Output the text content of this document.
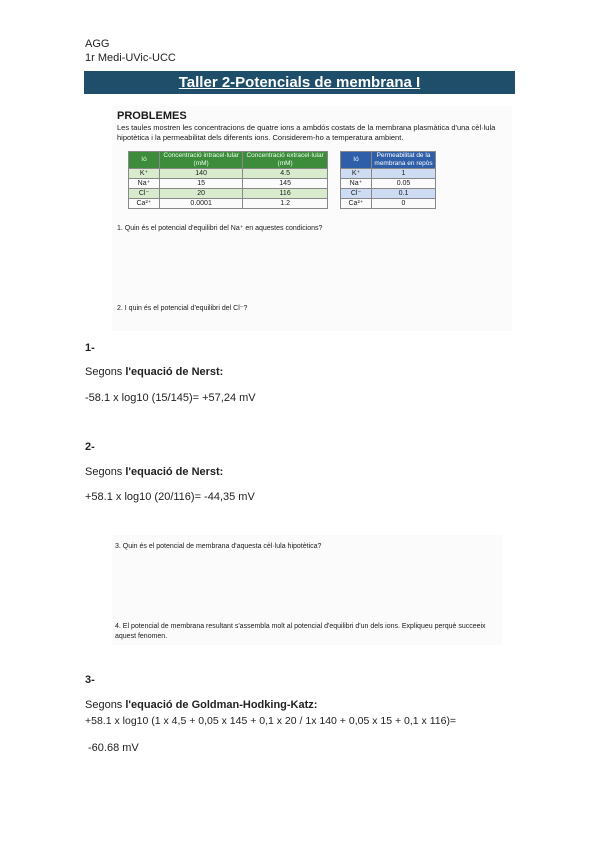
AGG
1r Medi-UVic-UCC
Taller 2-Potencials de membrana I
PROBLEMES
Les taules mostren les concentracions de quatre ions a ambdós costats de la membrana plasmàtica d'una cèl·lula hipotètica i la permeabilitat dels diferents ions. Considerem-ho a temperatura ambient.
Ió	Concentració intracel·lular (mM)	Concentració extracel·lular (mM)
K⁺	140	4.5
Na⁺	15	145
Cl⁻	20	116
Ca²⁺	0.0001	1.2
Ió	Permeabilitat de la membrana en repòs
K⁺	1
Na⁺	0.05
Cl⁻	0.1
Ca²⁺	0
1. Quin és el potencial d'equilibri del Na⁺ en aquestes condicions?
2. I quin és el potencial d'equilibri del Cl⁻?
1-
Segons l'equació de Nerst:
-58.1 x log10 (15/145)= +57,24 mV
2-
Segons l'equació de Nerst:
+58.1 x log10 (20/116)= -44,35 mV
3. Quin és el potencial de membrana d'aquesta cèl·lula hipotètica?
4. El potencial de membrana resultant s'assembla molt al potencial d'equilibri d'un dels ions. Expliqueu perquè succeeix aquest fenomen.
3-
Segons l'equació de Goldman-Hodking-Katz:
+58.1 x log10 (1 x 4,5 + 0,05 x 145 + 0,1 x 20 / 1x 140 + 0,05 x 15 + 0,1 x 116)=
-60.68 mV
